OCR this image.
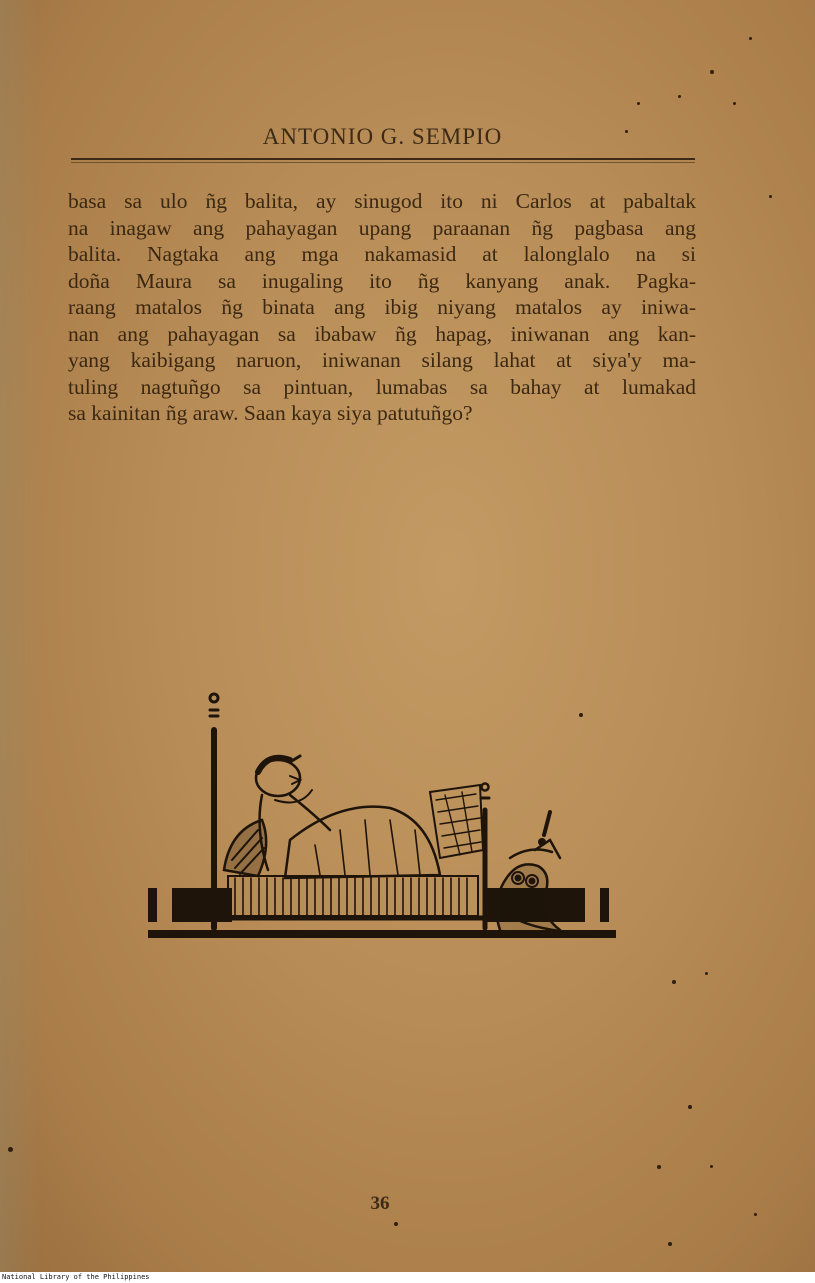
ANTONIO G. SEMPIO
basa sa ulo ñg balita, ay sinugod ito ni Carlos at pabaltak
na inagaw ang pahayagan upang paraanan ñg pagbasa ang
balita. Nagtaka ang mga nakamasid at lalonglalo na si
doña Maura sa inugaling ito ñg kanyang anak. Pagka-
raang matalos ñg binata ang ibig niyang matalos ay iniwa-
nan ang pahayagan sa ibabaw ñg hapag, iniwanan ang kan-
yang kaibigang naruon, iniwanan silang lahat at siya'y ma-
tuling nagtuñgo sa pintuan, lumabas sa bahay at lumakad
sa kainitan ñg araw. Saan kaya siya patutuñgo?
36
National Library of the Philippines
